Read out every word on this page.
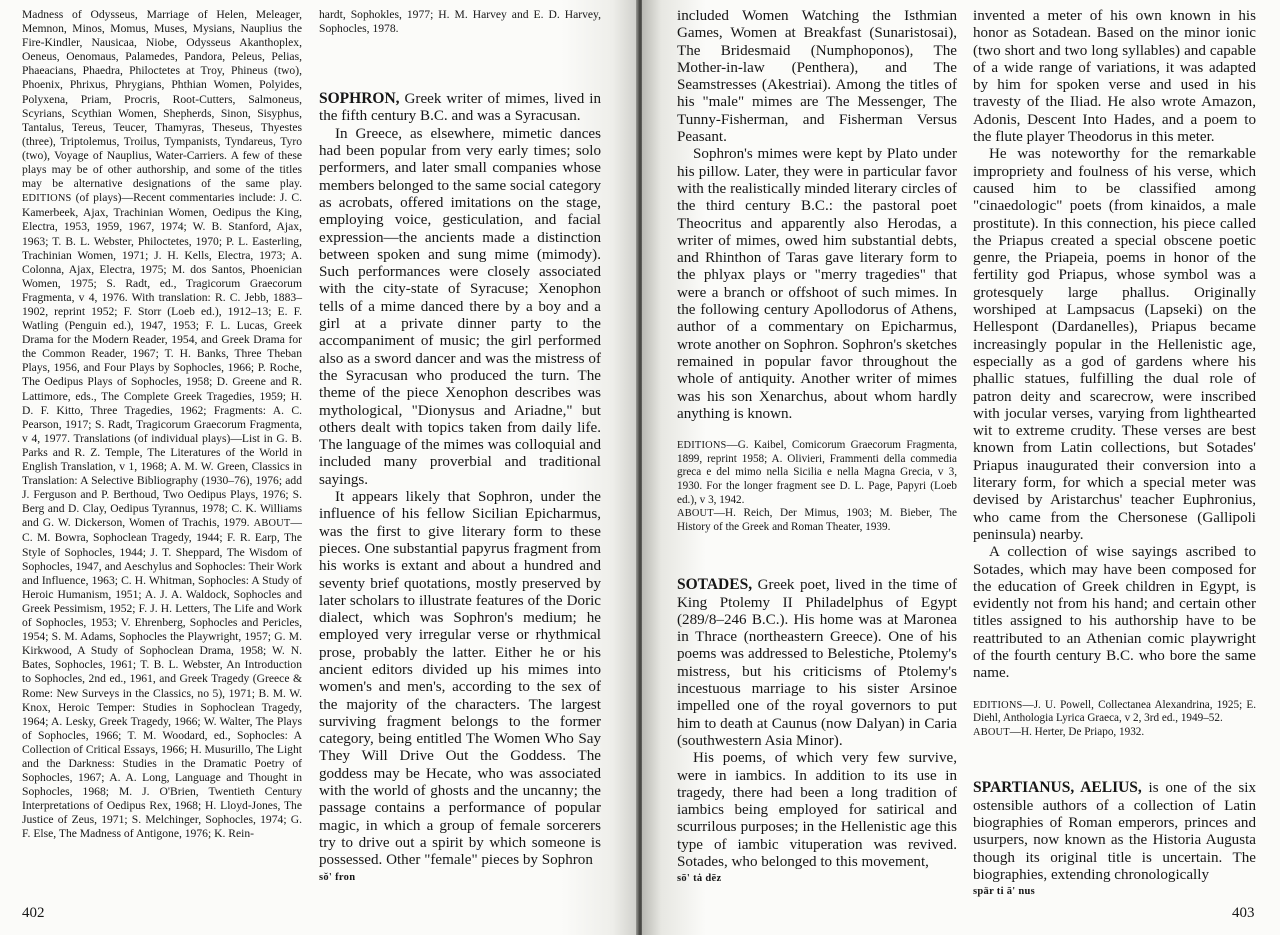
Madness of Odysseus, Marriage of Helen, Meleager, Memnon, Minos, Momus, Muses, Mysians, Nauplius the Fire-Kindler, Nausicaa, Niobe, Odysseus Akanthoplex, Oeneus, Oenomaus, Palamedes, Pandora, Peleus, Pelias, Phaeacians, Phaedra, Philoctetes at Troy, Phineus (two), Phoenix, Phrixus, Phrygians, Phthian Women, Polyides, Polyxena, Priam, Procris, Root-Cutters, Salmoneus, Scyrians, Scythian Women, Shepherds, Sinon, Sisyphus, Tantalus, Tereus, Teucer, Thamyras, Theseus, Thyestes (three), Triptolemus, Troilus, Tympanists, Tyndareus, Tyro (two), Voyage of Nauplius, Water-Carriers. A few of these plays may be of other authorship, and some of the titles may be alternative designations of the same play. EDITIONS (of plays)—Recent commentaries include: J. C. Kamerbeek, Ajax, Trachinian Women, Oedipus the King, Electra, 1953, 1959, 1967, 1974; W. B. Stanford, Ajax, 1963; T. B. L. Webster, Philoctetes, 1970; P. L. Easterling, Trachinian Women, 1971; J. H. Kells, Electra, 1973; A. Colonna, Ajax, Electra, 1975; M. dos Santos, Phoenician Women, 1975; S. Radt, ed., Tragicorum Graecorum Fragmenta, v 4, 1976. With translation: R. C. Jebb, 1883–1902, reprint 1952; F. Storr (Loeb ed.), 1912–13; E. F. Watling (Penguin ed.), 1947, 1953; F. L. Lucas, Greek Drama for the Modern Reader, 1954, and Greek Drama for the Common Reader, 1967; T. H. Banks, Three Theban Plays, 1956, and Four Plays by Sophocles, 1966; P. Roche, The Oedipus Plays of Sophocles, 1958; D. Greene and R. Lattimore, eds., The Complete Greek Tragedies, 1959; H. D. F. Kitto, Three Tragedies, 1962; Fragments: A. C. Pearson, 1917; S. Radt, Tragicorum Graecorum Fragmenta, v 4, 1977. Translations (of individual plays)—List in G. B. Parks and R. Z. Temple, The Literatures of the World in English Translation, v 1, 1968; A. M. W. Green, Classics in Translation: A Selective Bibliography (1930–76), 1976; add J. Ferguson and P. Berthoud, Two Oedipus Plays, 1976; S. Berg and D. Clay, Oedipus Tyrannus, 1978; C. K. Williams and G. W. Dickerson, Women of Trachis, 1979. ABOUT—C. M. Bowra, Sophoclean Tragedy, 1944; F. R. Earp, The Style of Sophocles, 1944; J. T. Sheppard, The Wisdom of Sophocles, 1947, and Aeschylus and Sophocles: Their Work and Influence, 1963; C. H. Whitman, Sophocles: A Study of Heroic Humanism, 1951; A. J. A. Waldock, Sophocles and Greek Pessimism, 1952; F. J. H. Letters, The Life and Work of Sophocles, 1953; V. Ehrenberg, Sophocles and Pericles, 1954; S. M. Adams, Sophocles the Playwright, 1957; G. M. Kirkwood, A Study of Sophoclean Drama, 1958; W. N. Bates, Sophocles, 1961; T. B. L. Webster, An Introduction to Sophocles, 2nd ed., 1961, and Greek Tragedy (Greece & Rome: New Surveys in the Classics, no 5), 1971; B. M. W. Knox, Heroic Temper: Studies in Sophoclean Tragedy, 1964; A. Lesky, Greek Tragedy, 1966; W. Walter, The Plays of Sophocles, 1966; T. M. Woodard, ed., Sophocles: A Collection of Critical Essays, 1966; H. Musurillo, The Light and the Darkness: Studies in the Dramatic Poetry of Sophocles, 1967; A. A. Long, Language and Thought in Sophocles, 1968; M. J. O'Brien, Twentieth Century Interpretations of Oedipus Rex, 1968; H. Lloyd-Jones, The Justice of Zeus, 1971; S. Melchinger, Sophocles, 1974; G. F. Else, The Madness of Antigone, 1976; K. Rein-

hardt, Sophokles, 1977; H. M. Harvey and E. D. Harvey, Sophocles, 1978.

SOPHRON, Greek writer of mimes, lived in the fifth century B.C. and was a Syracusan.

In Greece, as elsewhere, mimetic dances had been popular from very early times; solo performers, and later small companies whose members belonged to the same social category as acrobats, offered imitations on the stage, employing voice, gesticulation, and facial expression—the ancients made a distinction between spoken and sung mime (mimody). Such performances were closely associated with the city-state of Syracuse; Xenophon tells of a mime danced there by a boy and a girl at a private dinner party to the accompaniment of music; the girl performed also as a sword dancer and was the mistress of the Syracusan who produced the turn. The theme of the piece Xenophon describes was mythological, "Dionysus and Ariadne," but others dealt with topics taken from daily life. The language of the mimes was colloquial and included many proverbial and traditional sayings.

It appears likely that Sophron, under the influence of his fellow Sicilian Epicharmus, was the first to give literary form to these pieces. One substantial papyrus fragment from his works is extant and about a hundred and seventy brief quotations, mostly preserved by later scholars to illustrate features of the Doric dialect, which was Sophron's medium; he employed very irregular verse or rhythmical prose, probably the latter. Either he or his ancient editors divided up his mimes into women's and men's, according to the sex of the majority of the characters. The largest surviving fragment belongs to the former category, being entitled The Women Who Say They Will Drive Out the Goddess. The goddess may be Hecate, who was associated with the world of ghosts and the uncanny; the passage contains a performance of popular magic, in which a group of female sorcerers try to drive out a spirit by which someone is possessed. Other "female" pieces by Sophron

sŏ' fron
402

included Women Watching the Isthmian Games, Women at Breakfast (Sunaristosai), The Bridesmaid (Numphoponos), The Mother-in-law (Penthera), and The Seamstresses (Akestriai). Among the titles of his "male" mimes are The Messenger, The Tunny-Fisherman, and Fisherman Versus Peasant.

Sophron's mimes were kept by Plato under his pillow. Later, they were in particular favor with the realistically minded literary circles of the third century B.C.: the pastoral poet Theocritus and apparently also Herodas, a writer of mimes, owed him substantial debts, and Rhinthon of Taras gave literary form to the phlyax plays or "merry tragedies" that were a branch or offshoot of such mimes. In the following century Apollodorus of Athens, author of a commentary on Epicharmus, wrote another on Sophron. Sophron's sketches remained in popular favor throughout the whole of antiquity. Another writer of mimes was his son Xenarchus, about whom hardly anything is known.

EDITIONS—G. Kaibel, Comicorum Graecorum Fragmenta, 1899, reprint 1958; A. Olivieri, Frammenti della commedia greca e del mimo nella Sicilia e nella Magna Grecia, v 3, 1930. For the longer fragment see D. L. Page, Papyri (Loeb ed.), v 3, 1942.
ABOUT—H. Reich, Der Mimus, 1903; M. Bieber, The History of the Greek and Roman Theater, 1939.

SOTADES, Greek poet, lived in the time of King Ptolemy II Philadelphus of Egypt (289/8–246 B.C.). His home was at Maronea in Thrace (northeastern Greece). One of his poems was addressed to Belestiche, Ptolemy's mistress, but his criticisms of Ptolemy's incestuous marriage to his sister Arsinoe impelled one of the royal governors to put him to death at Caunus (now Dalyan) in Caria (southwestern Asia Minor).

His poems, of which very few survive, were in iambics. In addition to its use in tragedy, there had been a long tradition of iambics being employed for satirical and scurrilous purposes; in the Hellenistic age this type of iambic vituperation was revived. Sotades, who belonged to this movement,

sō' tȧ dēz

invented a meter of his own known in his honor as Sotadean. Based on the minor ionic (two short and two long syllables) and capable of a wide range of variations, it was adapted by him for spoken verse and used in his travesty of the Iliad. He also wrote Amazon, Adonis, Descent Into Hades, and a poem to the flute player Theodorus in this meter.

He was noteworthy for the remarkable impropriety and foulness of his verse, which caused him to be classified among "cinaedologic" poets (from kinaidos, a male prostitute). In this connection, his piece called the Priapus created a special obscene poetic genre, the Priapeia, poems in honor of the fertility god Priapus, whose symbol was a grotesquely large phallus. Originally worshiped at Lampsacus (Lapseki) on the Hellespont (Dardanelles), Priapus became increasingly popular in the Hellenistic age, especially as a god of gardens where his phallic statues, fulfilling the dual role of patron deity and scarecrow, were inscribed with jocular verses, varying from lighthearted wit to extreme crudity. These verses are best known from Latin collections, but Sotades' Priapus inaugurated their conversion into a literary form, for which a special meter was devised by Aristarchus' teacher Euphronius, who came from the Chersonese (Gallipoli peninsula) nearby.

A collection of wise sayings ascribed to Sotades, which may have been composed for the education of Greek children in Egypt, is evidently not from his hand; and certain other titles assigned to his authorship have to be reattributed to an Athenian comic playwright of the fourth century B.C. who bore the same name.

EDITIONS—J. U. Powell, Collectanea Alexandrina, 1925; E. Diehl, Anthologia Lyrica Graeca, v 2, 3rd ed., 1949–52.
ABOUT—H. Herter, De Priapo, 1932.

SPARTIANUS, AELIUS, is one of the six ostensible authors of a collection of Latin biographies of Roman emperors, princes and usurpers, now known as the Historia Augusta though its original title is uncertain. The biographies, extending chronologically

spär ti ā' nus
403
